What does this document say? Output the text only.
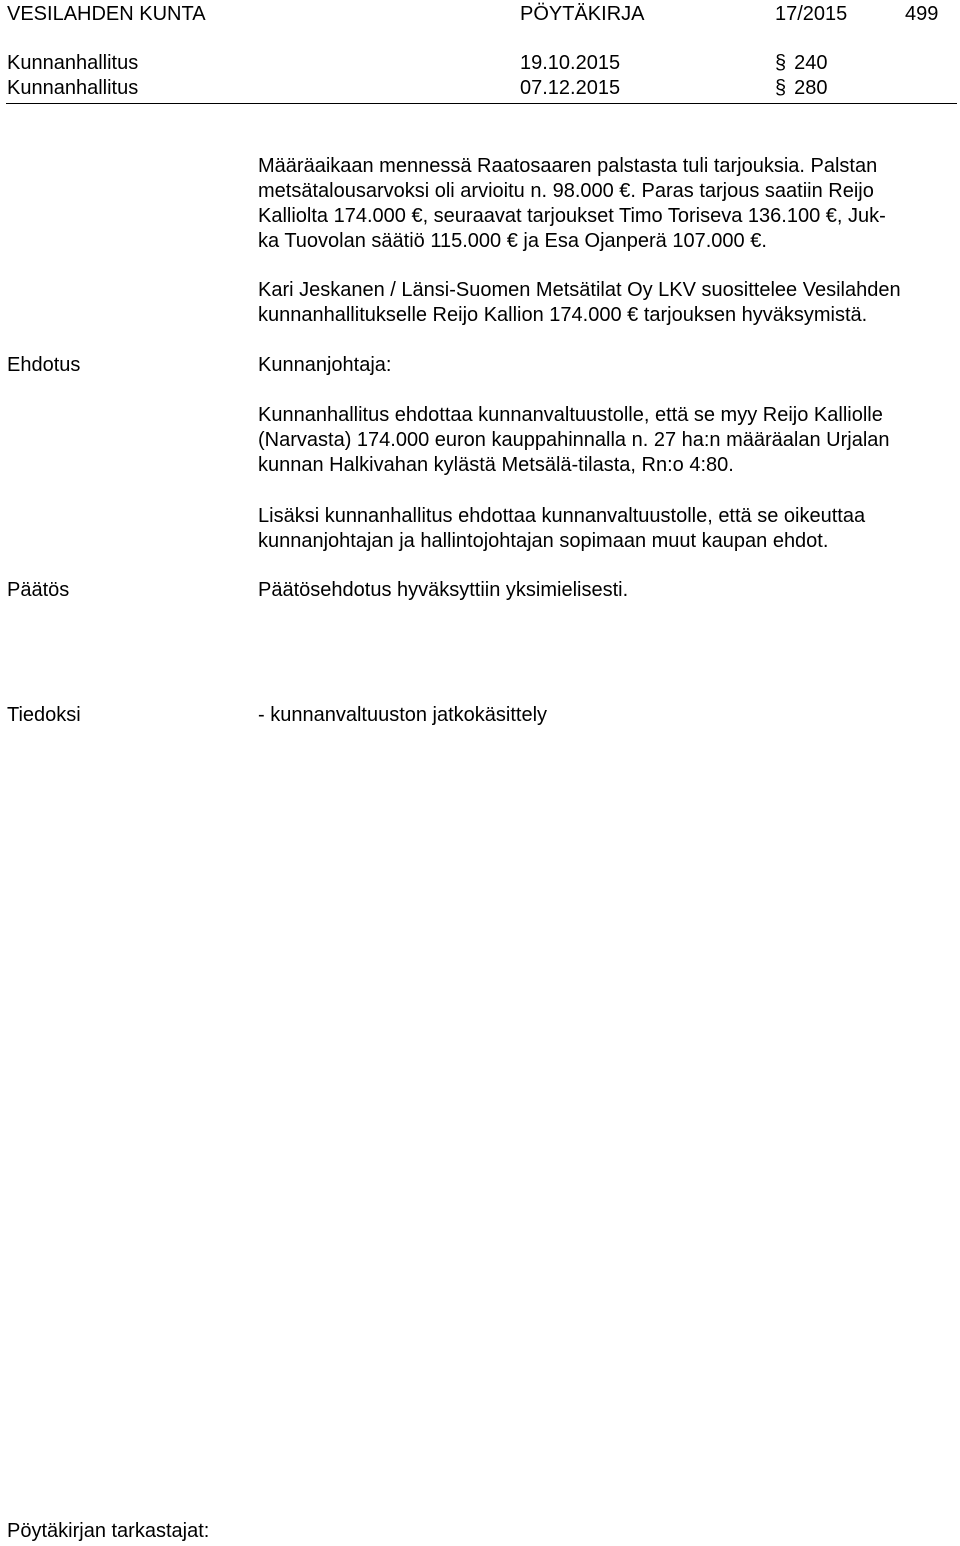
VESILAHDEN KUNTA	PÖYTÄKIRJA	17/2015	499
Kunnanhallitus	19.10.2015	§ 240
Kunnanhallitus	07.12.2015	§ 280

Määräaikaan mennessä Raatosaaren palstasta tuli tarjouksia. Palstan

metsätalousarvoksi oli arvioitu n. 98.000 €. Paras tarjous saatiin Reijo

Kalliolta 174.000 €, seuraavat tarjoukset Timo Toriseva 136.100 €, Juk-

ka Tuovolan säätiö 115.000 € ja Esa Ojanperä 107.000 €.

Kari Jeskanen / Länsi-Suomen Metsätilat Oy LKV suosittelee Vesilahden

kunnanhallitukselle Reijo Kallion 174.000 € tarjouksen hyväksymistä.

Ehdotus	Kunnanjohtaja:

Kunnanhallitus ehdottaa kunnanvaltuustolle, että se myy Reijo Kalliolle

(Narvasta) 174.000 euron kauppahinnalla n. 27 ha:n määräalan Urjalan

kunnan Halkivahan kylästä Metsälä-tilasta, Rn:o 4:80.

Lisäksi kunnanhallitus ehdottaa kunnanvaltuustolle, että se oikeuttaa

kunnanjohtajan ja hallintojohtajan sopimaan muut kaupan ehdot.

Päätös	Päätösehdotus hyväksyttiin yksimielisesti.
Tiedoksi	- kunnanvaltuuston jatkokäsittely
Pöytäkirjan tarkastajat:
